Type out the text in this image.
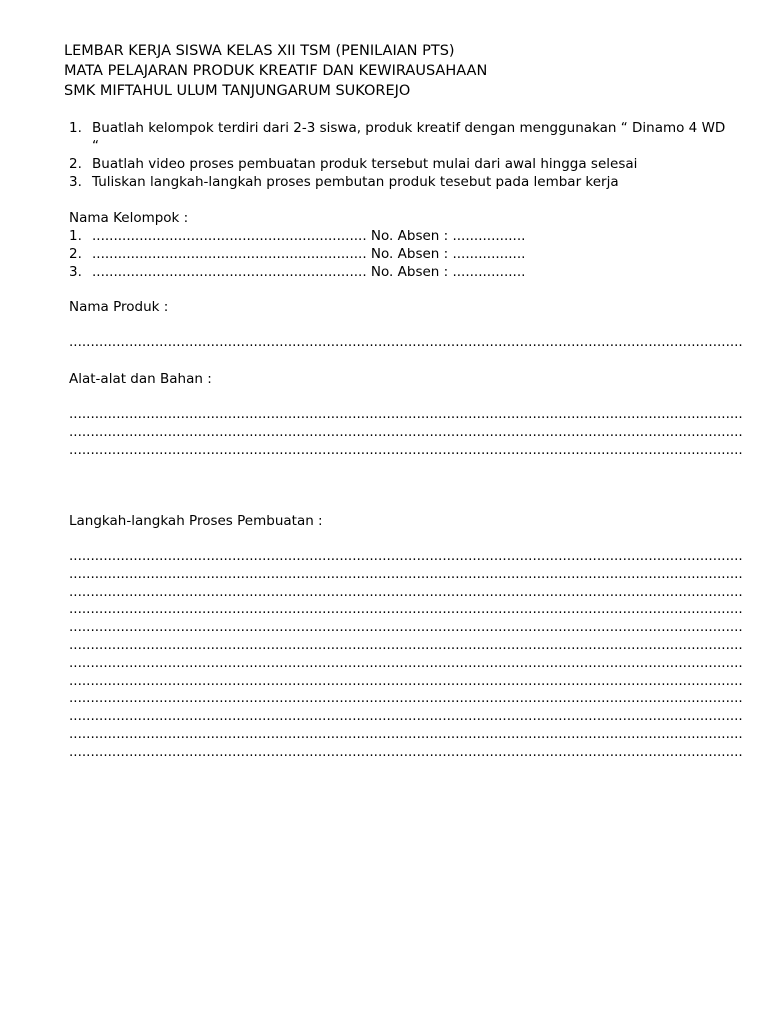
LEMBAR KERJA SISWA KELAS XII TSM (PENILAIAN PTS)
MATA PELAJARAN PRODUK KREATIF DAN KEWIRAUSAHAAN
SMK MIFTAHUL ULUM TANJUNGARUM SUKOREJO
1. Buatlah kelompok terdiri dari 2-3 siswa, produk kreatif dengan menggunakan “ Dinamo 4 WD “
2. Buatlah video proses pembuatan produk tersebut mulai dari awal hingga selesai
3. Tuliskan langkah-langkah proses pembutan produk tesebut pada lembar kerja
Nama Kelompok :
1. ................................................................ No. Absen : .................
2. ................................................................ No. Absen : .................
3. ................................................................ No. Absen : .................
Nama Produk :
.............................................................................................................................................................
Alat-alat dan Bahan :
.............................................................................................................................................................
.............................................................................................................................................................
.............................................................................................................................................................
Langkah-langkah Proses Pembuatan :
.............................................................................................................................................................
.............................................................................................................................................................
.............................................................................................................................................................
.............................................................................................................................................................
.............................................................................................................................................................
.............................................................................................................................................................
.............................................................................................................................................................
.............................................................................................................................................................
.............................................................................................................................................................
.............................................................................................................................................................
.............................................................................................................................................................
.............................................................................................................................................................
